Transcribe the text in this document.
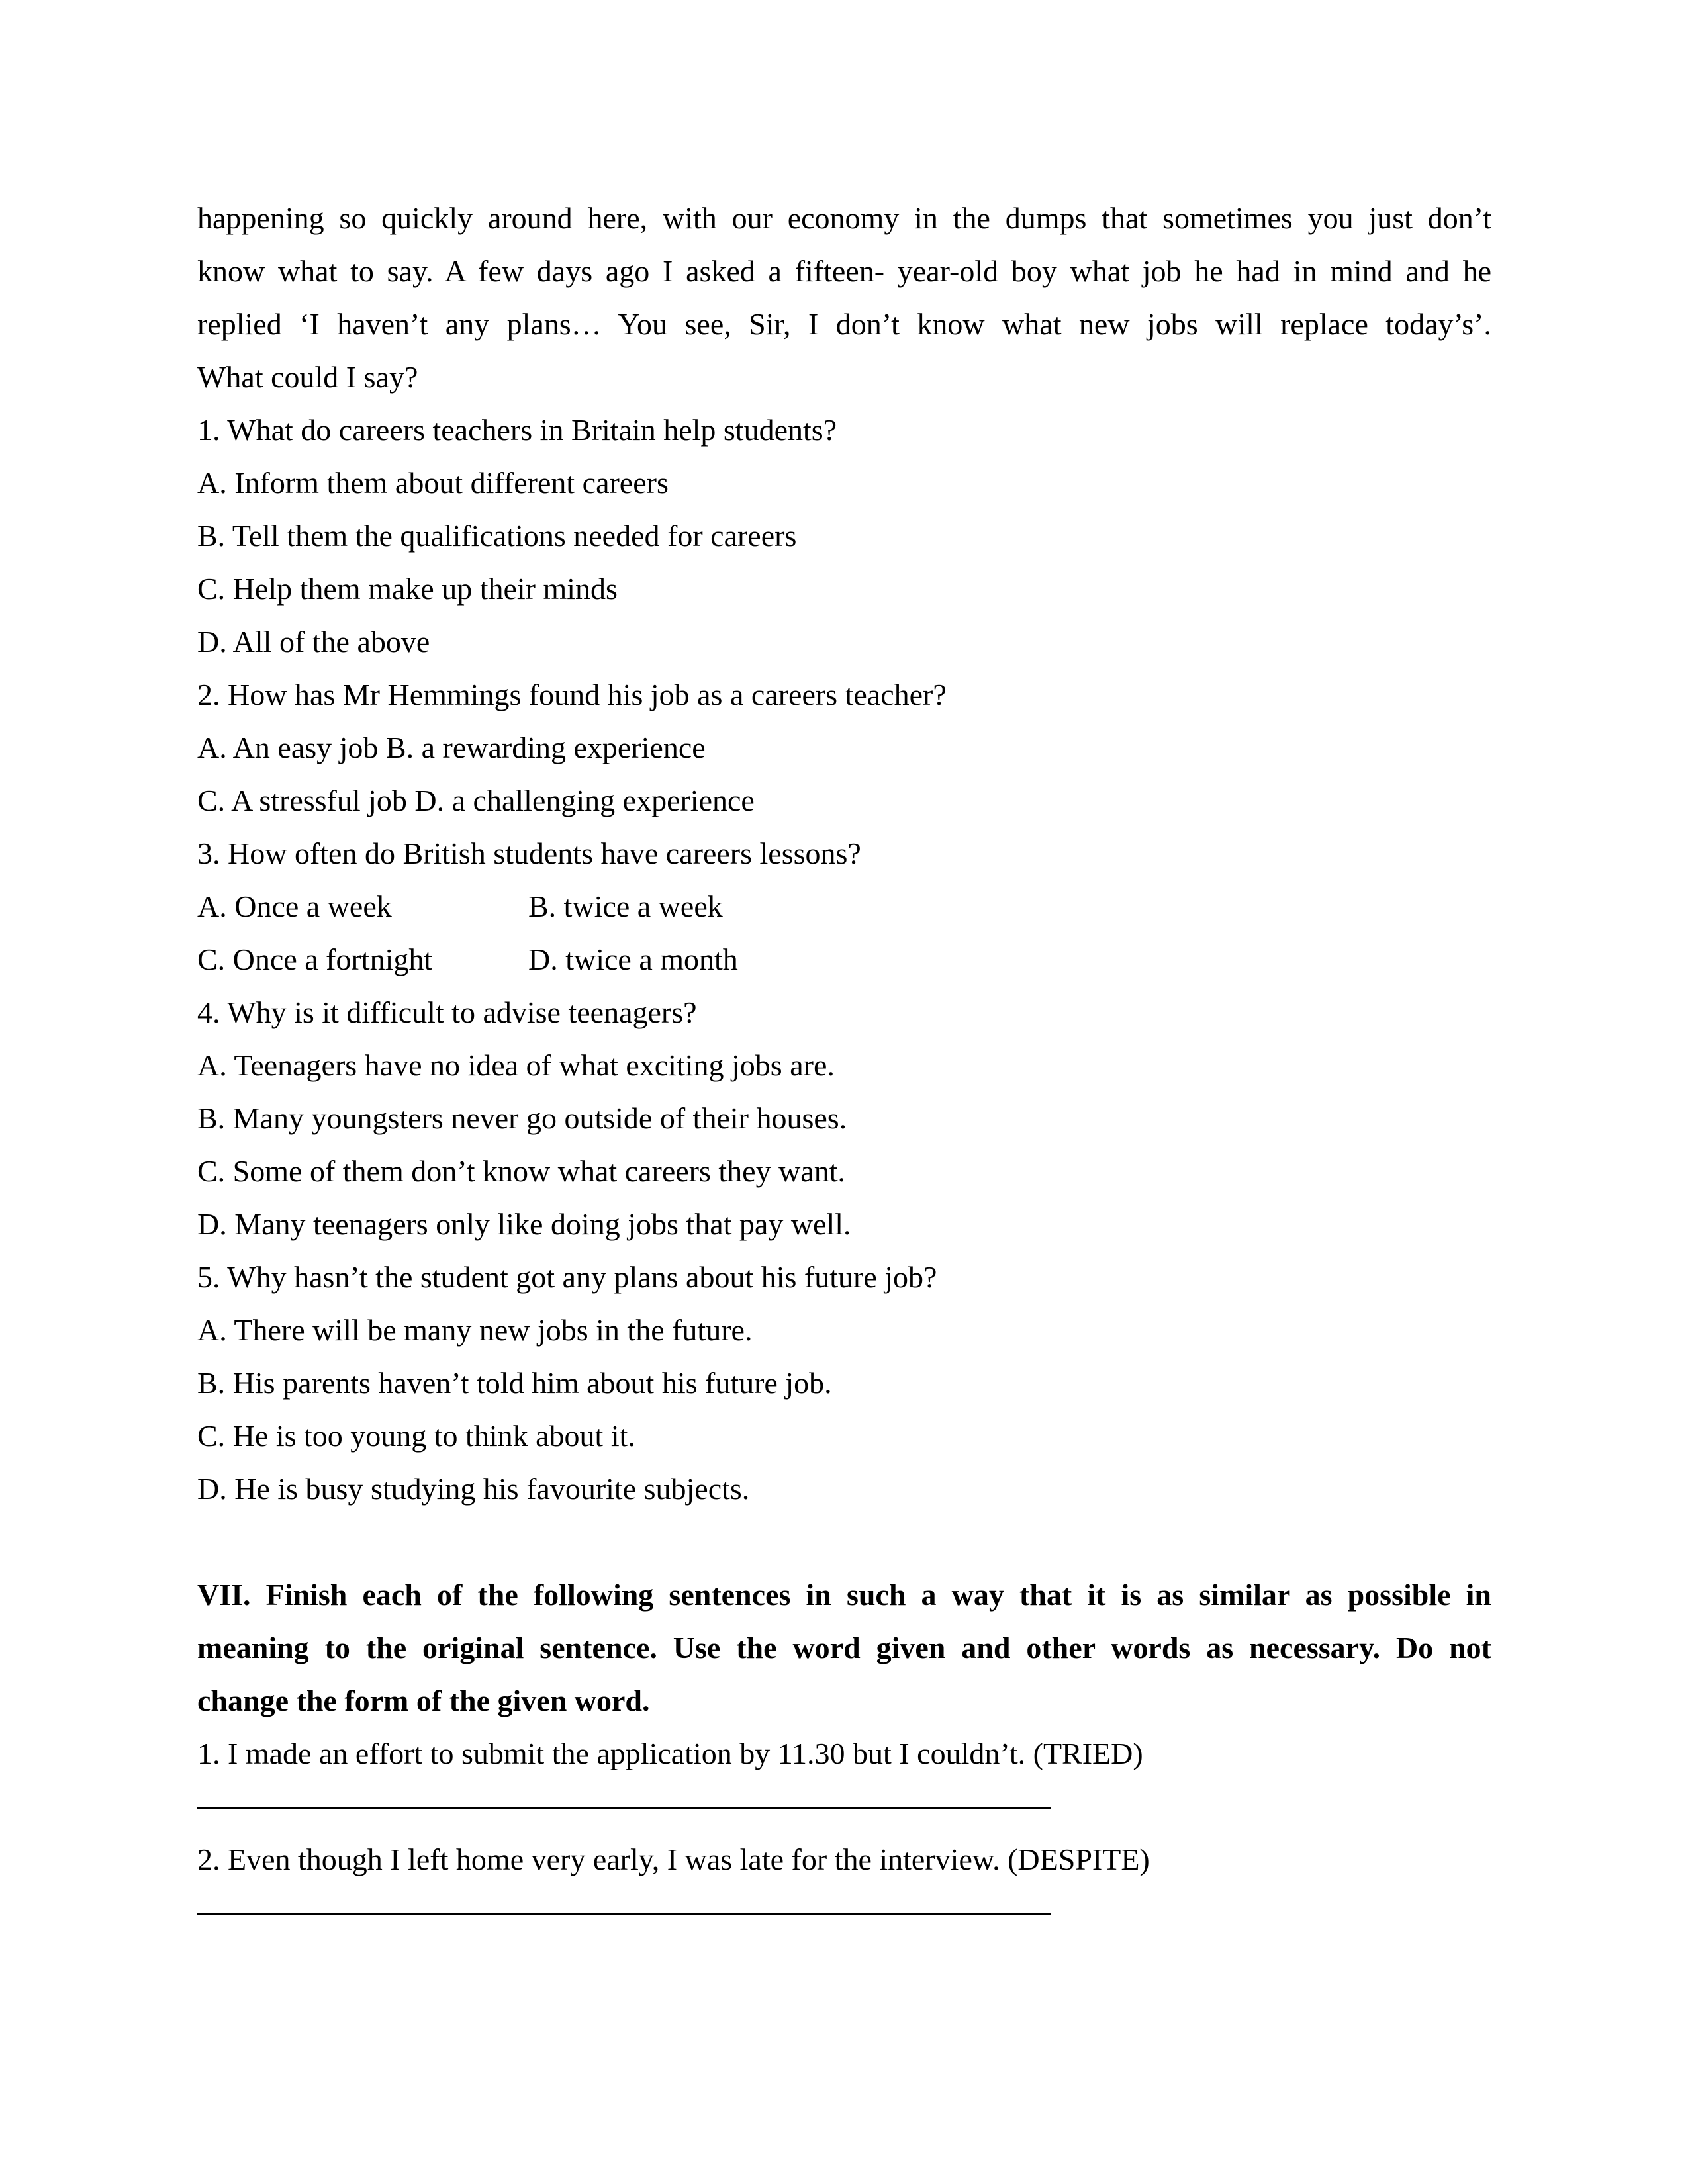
happening so quickly around here, with our economy in the dumps that sometimes you just don’t
know what to say. A few days ago I asked a fifteen- year-old boy what job he had in mind and he
replied ‘I haven’t any plans… You see, Sir, I don’t know what new jobs will replace today’s’.
What could I say?
1. What do careers teachers in Britain help students?
A. Inform them about different careers
B. Tell them the qualifications needed for careers
C. Help them make up their minds
D. All of the above
2. How has Mr Hemmings found his job as a careers teacher?
A. An easy job B. a rewarding experience
C. A stressful job D. a challenging experience
3. How often do British students have careers lessons?
A. Once a week	B. twice a week
C. Once a fortnight	D. twice a month
4. Why is it difficult to advise teenagers?
A. Teenagers have no idea of what exciting jobs are.
B. Many youngsters never go outside of their houses.
C. Some of them don’t know what careers they want.
D. Many teenagers only like doing jobs that pay well.
5. Why hasn’t the student got any plans about his future job?
A. There will be many new jobs in the future.
B. His parents haven’t told him about his future job.
C. He is too young to think about it.
D. He is busy studying his favourite subjects.
VII. Finish each of the following sentences in such a way that it is as similar as possible in
meaning to the original sentence. Use the word given and other words as necessary. Do not
change the form of the given word.
1. I made an effort to submit the application by 11.30 but I couldn’t. (TRIED)
2. Even though I left home very early, I was late for the interview. (DESPITE)
